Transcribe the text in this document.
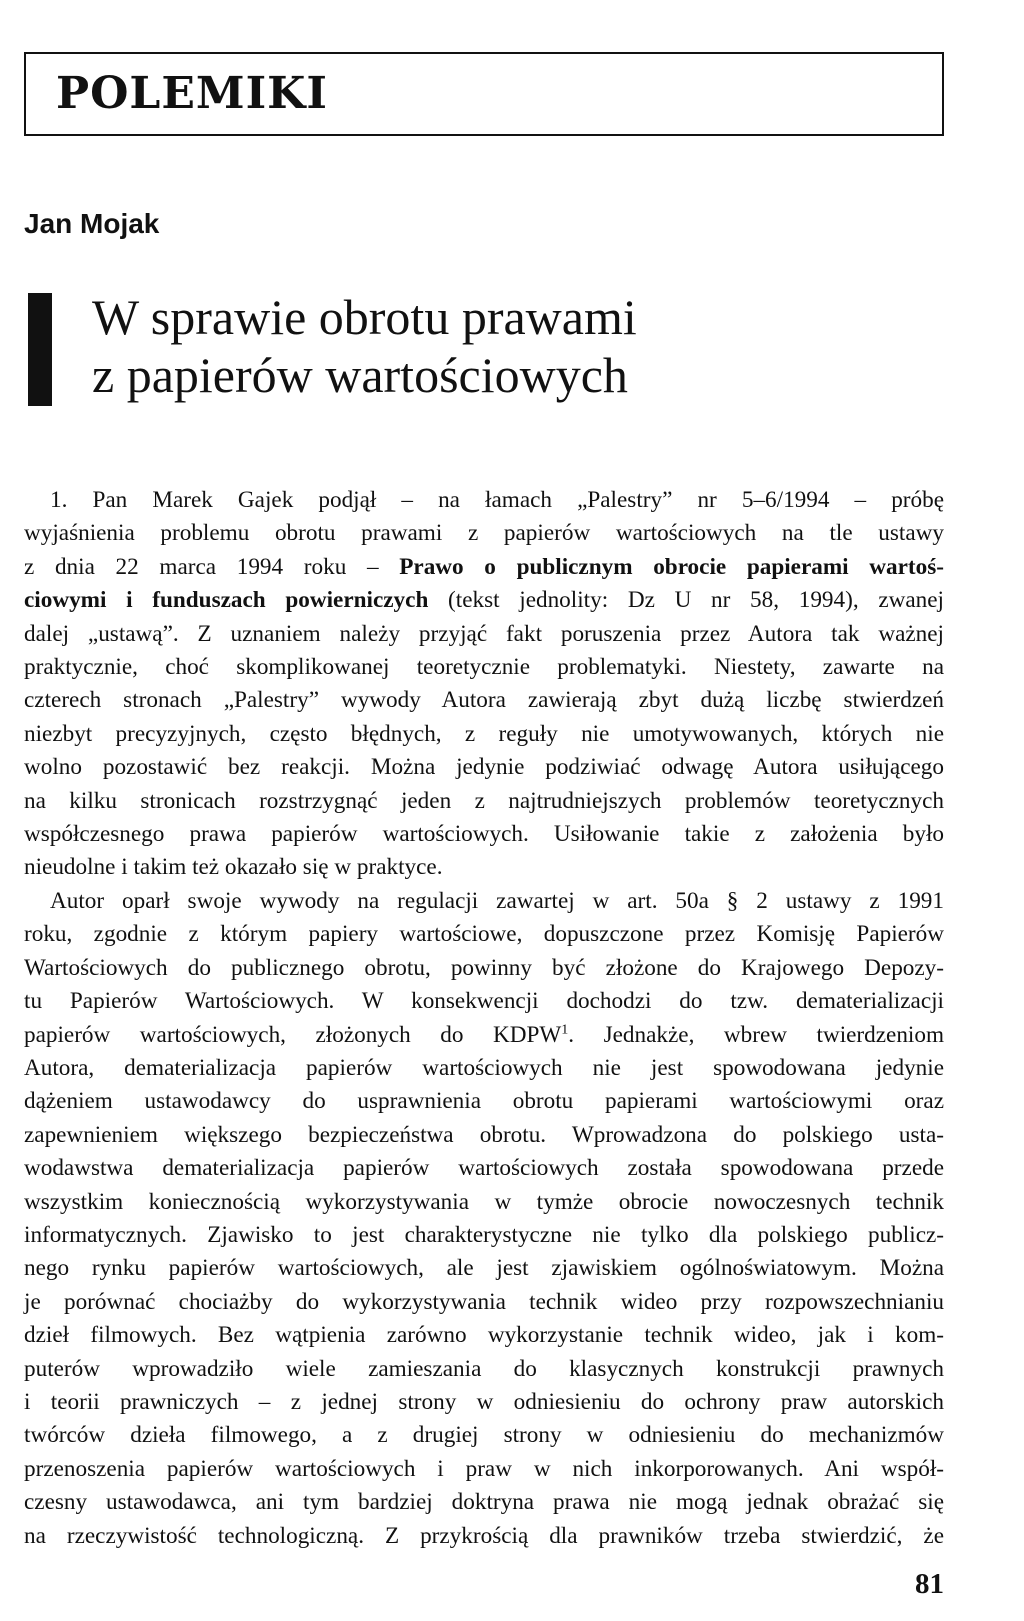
POLEMIKI
Jan Mojak
W sprawie obrotu prawami
z papierów wartościowych
1. Pan Marek Gajek podjął – na łamach „Palestry” nr 5–6/1994 – próbę
wyjaśnienia problemu obrotu prawami z papierów wartościowych na tle ustawy
z dnia 22 marca 1994 roku – Prawo o publicznym obrocie papierami wartoś-
ciowymi i funduszach powierniczych (tekst jednolity: Dz U nr 58, 1994), zwanej
dalej „ustawą”. Z uznaniem należy przyjąć fakt poruszenia przez Autora tak ważnej
praktycznie, choć skomplikowanej teoretycznie problematyki. Niestety, zawarte na
czterech stronach „Palestry” wywody Autora zawierają zbyt dużą liczbę stwierdzeń
niezbyt precyzyjnych, często błędnych, z reguły nie umotywowanych, których nie
wolno pozostawić bez reakcji. Można jedynie podziwiać odwagę Autora usiłującego
na kilku stronicach rozstrzygnąć jeden z najtrudniejszych problemów teoretycznych
współczesnego prawa papierów wartościowych. Usiłowanie takie z założenia było
nieudolne i takim też okazało się w praktyce.
Autor oparł swoje wywody na regulacji zawartej w art. 50a § 2 ustawy z 1991
roku, zgodnie z którym papiery wartościowe, dopuszczone przez Komisję Papierów
Wartościowych do publicznego obrotu, powinny być złożone do Krajowego Depozy-
tu Papierów Wartościowych. W konsekwencji dochodzi do tzw. dematerializacji
papierów wartościowych, złożonych do KDPW$^1$. Jednakże, wbrew twierdzeniom
Autora, dematerializacja papierów wartościowych nie jest spowodowana jedynie
dążeniem ustawodawcy do usprawnienia obrotu papierami wartościowymi oraz
zapewnieniem większego bezpieczeństwa obrotu. Wprowadzona do polskiego usta-
wodawstwa dematerializacja papierów wartościowych została spowodowana przede
wszystkim koniecznością wykorzystywania w tymże obrocie nowoczesnych technik
informatycznych. Zjawisko to jest charakterystyczne nie tylko dla polskiego publicz-
nego rynku papierów wartościowych, ale jest zjawiskiem ogólnoświatowym. Można
je porównać chociażby do wykorzystywania technik wideo przy rozpowszechnianiu
dzieł filmowych. Bez wątpienia zarówno wykorzystanie technik wideo, jak i kom-
puterów wprowadziło wiele zamieszania do klasycznych konstrukcji prawnych
i teorii prawniczych – z jednej strony w odniesieniu do ochrony praw autorskich
twórców dzieła filmowego, a z drugiej strony w odniesieniu do mechanizmów
przenoszenia papierów wartościowych i praw w nich inkorporowanych. Ani współ-
czesny ustawodawca, ani tym bardziej doktryna prawa nie mogą jednak obrażać się
na rzeczywistość technologiczną. Z przykrością dla prawników trzeba stwierdzić, że
81
